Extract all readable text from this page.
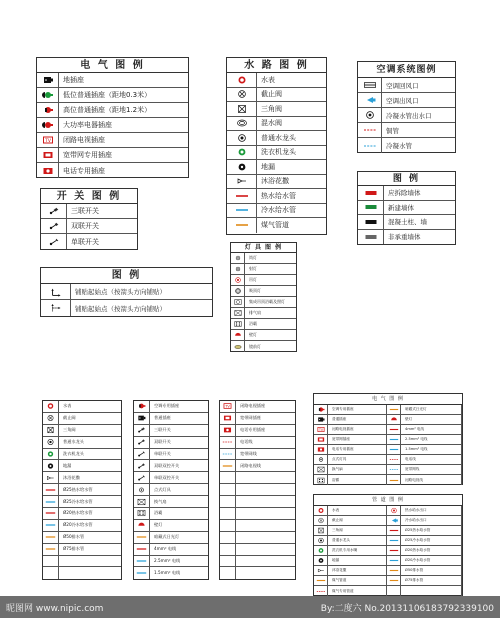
电 气 图 例
地插座
低位普通插座（距地0.3米）
高位普通插座（距地1.2米）
大功率电器插座
TV	闭路电视插座
宽带网专用插座
电话专用插座
开 关 图 例
三联开关
双联开关
单联开关
图 例
铺贴起始点（按箭头方向铺贴）
铺贴起始点（按箭头方向铺贴）
水 路 图 例
水表
截止阀
三角阀
混水阀
普通水龙头
洗衣机龙头
地漏
沐浴花撒
热水给水管
冷水给水管
煤气管道
空调系统图例
空调回风口
空调出风口
冷凝水管出水口
铜管
冷凝水管
图 例
应拆除墙体
新建墙体
混凝土柱、墙
非承重墙体
灯 具 图 例
筒灯
射灯
吊灯
吸顶灯
集成吊顶浴霸及照灯
排气扇
浴霸
壁灯
镜前灯
水表
截止阀
三角阀
普通水龙头
洗衣机龙头
地漏
沐浴花撒
Ø25热水给水管
Ø25冷水给水管
Ø20热水给水管
Ø20冷水给水管
Ø50排水管
Ø75排水管
空调专用插座
普通插座
三联开关
双联开关
单联开关
双联双控开关
单联双控开关
点式灯具
换气扇
浴霸
壁灯
暗藏式日光灯
4mm² 电线
2.5mm² 电线
1.5mm² 电线
TV	闭路电视插座
宽带网插座
电话专用插座
电话线
宽带网线
闭路电视线
电 气 图 例
空调专用插座	暗藏式日光灯
普通插座	壁灯
TV	闭路电视插座	4mm² 电线
宽带网插座	2.5mm² 电线
电话专用插座	1.5mm² 电线
点式灯具	电话线
换气扇	宽带网线
浴霸	闭路电视线
管 道 图 例
水表	热水给水出口
截止阀	冷水给水出口
三角阀	Ø25热水给水管
普通水龙头	Ø25冷水给水管
洗衣机专用水嘴	Ø20热水给水管
地漏	Ø20冷水给水管
沐浴花撒	Ø50排水管
煤气管道	Ø75排水管
煤气专用管道
昵图网 www.nipic.com	By:二度六 No.20131106183792339100
